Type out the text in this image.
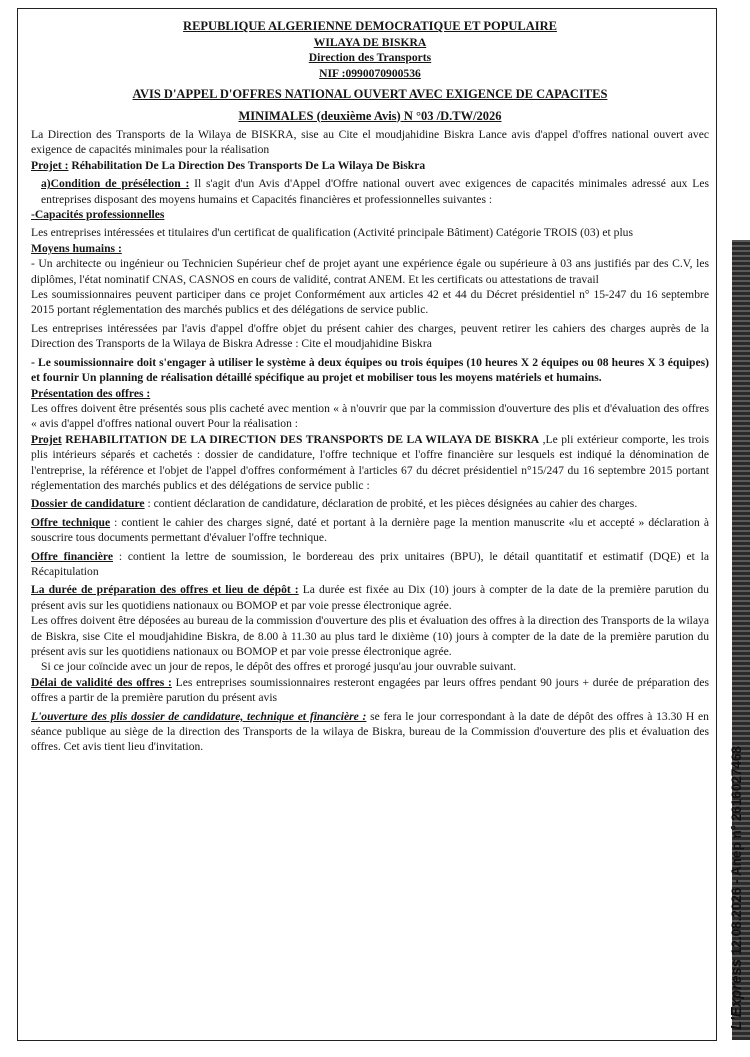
L'Express 12.08.2026 - Anep n° 2616027468

REPUBLIQUE ALGERIENNE DEMOCRATIQUE ET POPULAIRE

WILAYA DE BISKRA

Direction des Transports

NIF :0990070900536

AVIS D'APPEL D'OFFRES NATIONAL OUVERT AVEC EXIGENCE DE CAPACITES

MINIMALES (deuxième Avis) N °03 /D.TW/2026

La Direction des Transports de la Wilaya de BISKRA, sise au Cite el moudjahidine Biskra Lance avis d'appel d'offres national ouvert avec exigence de capacités minimales pour la réalisation

Projet : Réhabilitation De La Direction Des Transports De La Wilaya De Biskra

a)Condition de présélection : Il s'agit d'un Avis d'Appel d'Offre national ouvert avec exigences de capacités minimales adressé aux Les entreprises disposant des moyens humains et Capacités financières et professionnelles suivantes :

-Capacités professionnelles

Les entreprises intéressées et titulaires d'un certificat de qualification (Activité principale Bâtiment) Catégorie TROIS (03) et plus

Moyens humains :

- Un architecte ou ingénieur ou Technicien Supérieur chef de projet ayant une expérience égale ou supérieure à 03 ans justifiés par des C.V, les diplômes, l'état nominatif CNAS, CASNOS en cours de validité, contrat ANEM. Et les certificats ou attestations de travail

Les soumissionnaires peuvent participer dans ce projet Conformément aux articles 42 et 44 du Décret présidentiel n° 15-247 du 16 septembre 2015 portant réglementation des marchés publics et des délégations de service public.

Les entreprises intéressées par l'avis d'appel d'offre objet du présent cahier des charges, peuvent retirer les cahiers des charges auprès de la Direction des Transports de la Wilaya de Biskra Adresse : Cite el moudjahidine Biskra

- Le soumissionnaire doit s'engager à utiliser le système à deux équipes ou trois équipes (10 heures X 2 équipes ou 08 heures X 3 équipes) et fournir Un planning de réalisation détaillé spécifique au projet et mobiliser tous les moyens matériels et humains.

Présentation des offres :

Les offres doivent être présentés sous plis cacheté avec mention « à n'ouvrir que par la commission d'ouverture des plis et d'évaluation des offres « avis d'appel d'offres national ouvert Pour la réalisation :

Projet REHABILITATION DE LA DIRECTION DES TRANSPORTS DE LA WILAYA DE BISKRA ,Le pli extérieur comporte, les trois plis intérieurs séparés et cachetés : dossier de candidature, l'offre technique et l'offre financière sur lesquels est indiqué la dénomination de l'entreprise, la référence et l'objet de l'appel d'offres conformément à l'articles 67 du décret présidentiel n°15/247 du 16 septembre 2015 portant réglementation des marchés publics et des délégations de service public :

Dossier de candidature : contient déclaration de candidature, déclaration de probité, et les pièces désignées au cahier des charges.

Offre technique : contient le cahier des charges signé, daté et portant à la dernière page la mention manuscrite «lu et accepté » déclaration à souscrire tous documents permettant d'évaluer l'offre technique.

Offre financière : contient la lettre de soumission, le bordereau des prix unitaires (BPU), le détail quantitatif et estimatif (DQE) et la Récapitulation

La durée de préparation des offres et lieu de dépôt : La durée est fixée au Dix (10) jours à compter de la date de la première parution du présent avis sur les quotidiens nationaux ou BOMOP et par voie presse électronique agrée.

Les offres doivent être déposées au bureau de la commission d'ouverture des plis et évaluation des offres à la direction des Transports de la wilaya de Biskra, sise Cite el moudjahidine Biskra, de 8.00 à 11.30 au plus tard le dixième (10) jours à compter de la date de la première parution du présent avis sur les quotidiens nationaux ou BOMOP et par voie presse électronique agrée.

Si ce jour coïncide avec un jour de repos, le dépôt des offres et prorogé jusqu'au jour ouvrable suivant.

Délai de validité des offres : Les entreprises soumissionnaires resteront engagées par leurs offres pendant 90 jours + durée de préparation des offres a partir de la première parution du présent avis

L'ouverture des plis dossier de candidature, technique et financière : se fera le jour correspondant à la date de dépôt des offres à 13.30 H en séance publique au siège de la direction des Transports de la wilaya de Biskra, bureau de la Commission d'ouverture des plis et évaluation des offres. Cet avis tient lieu d'invitation.
